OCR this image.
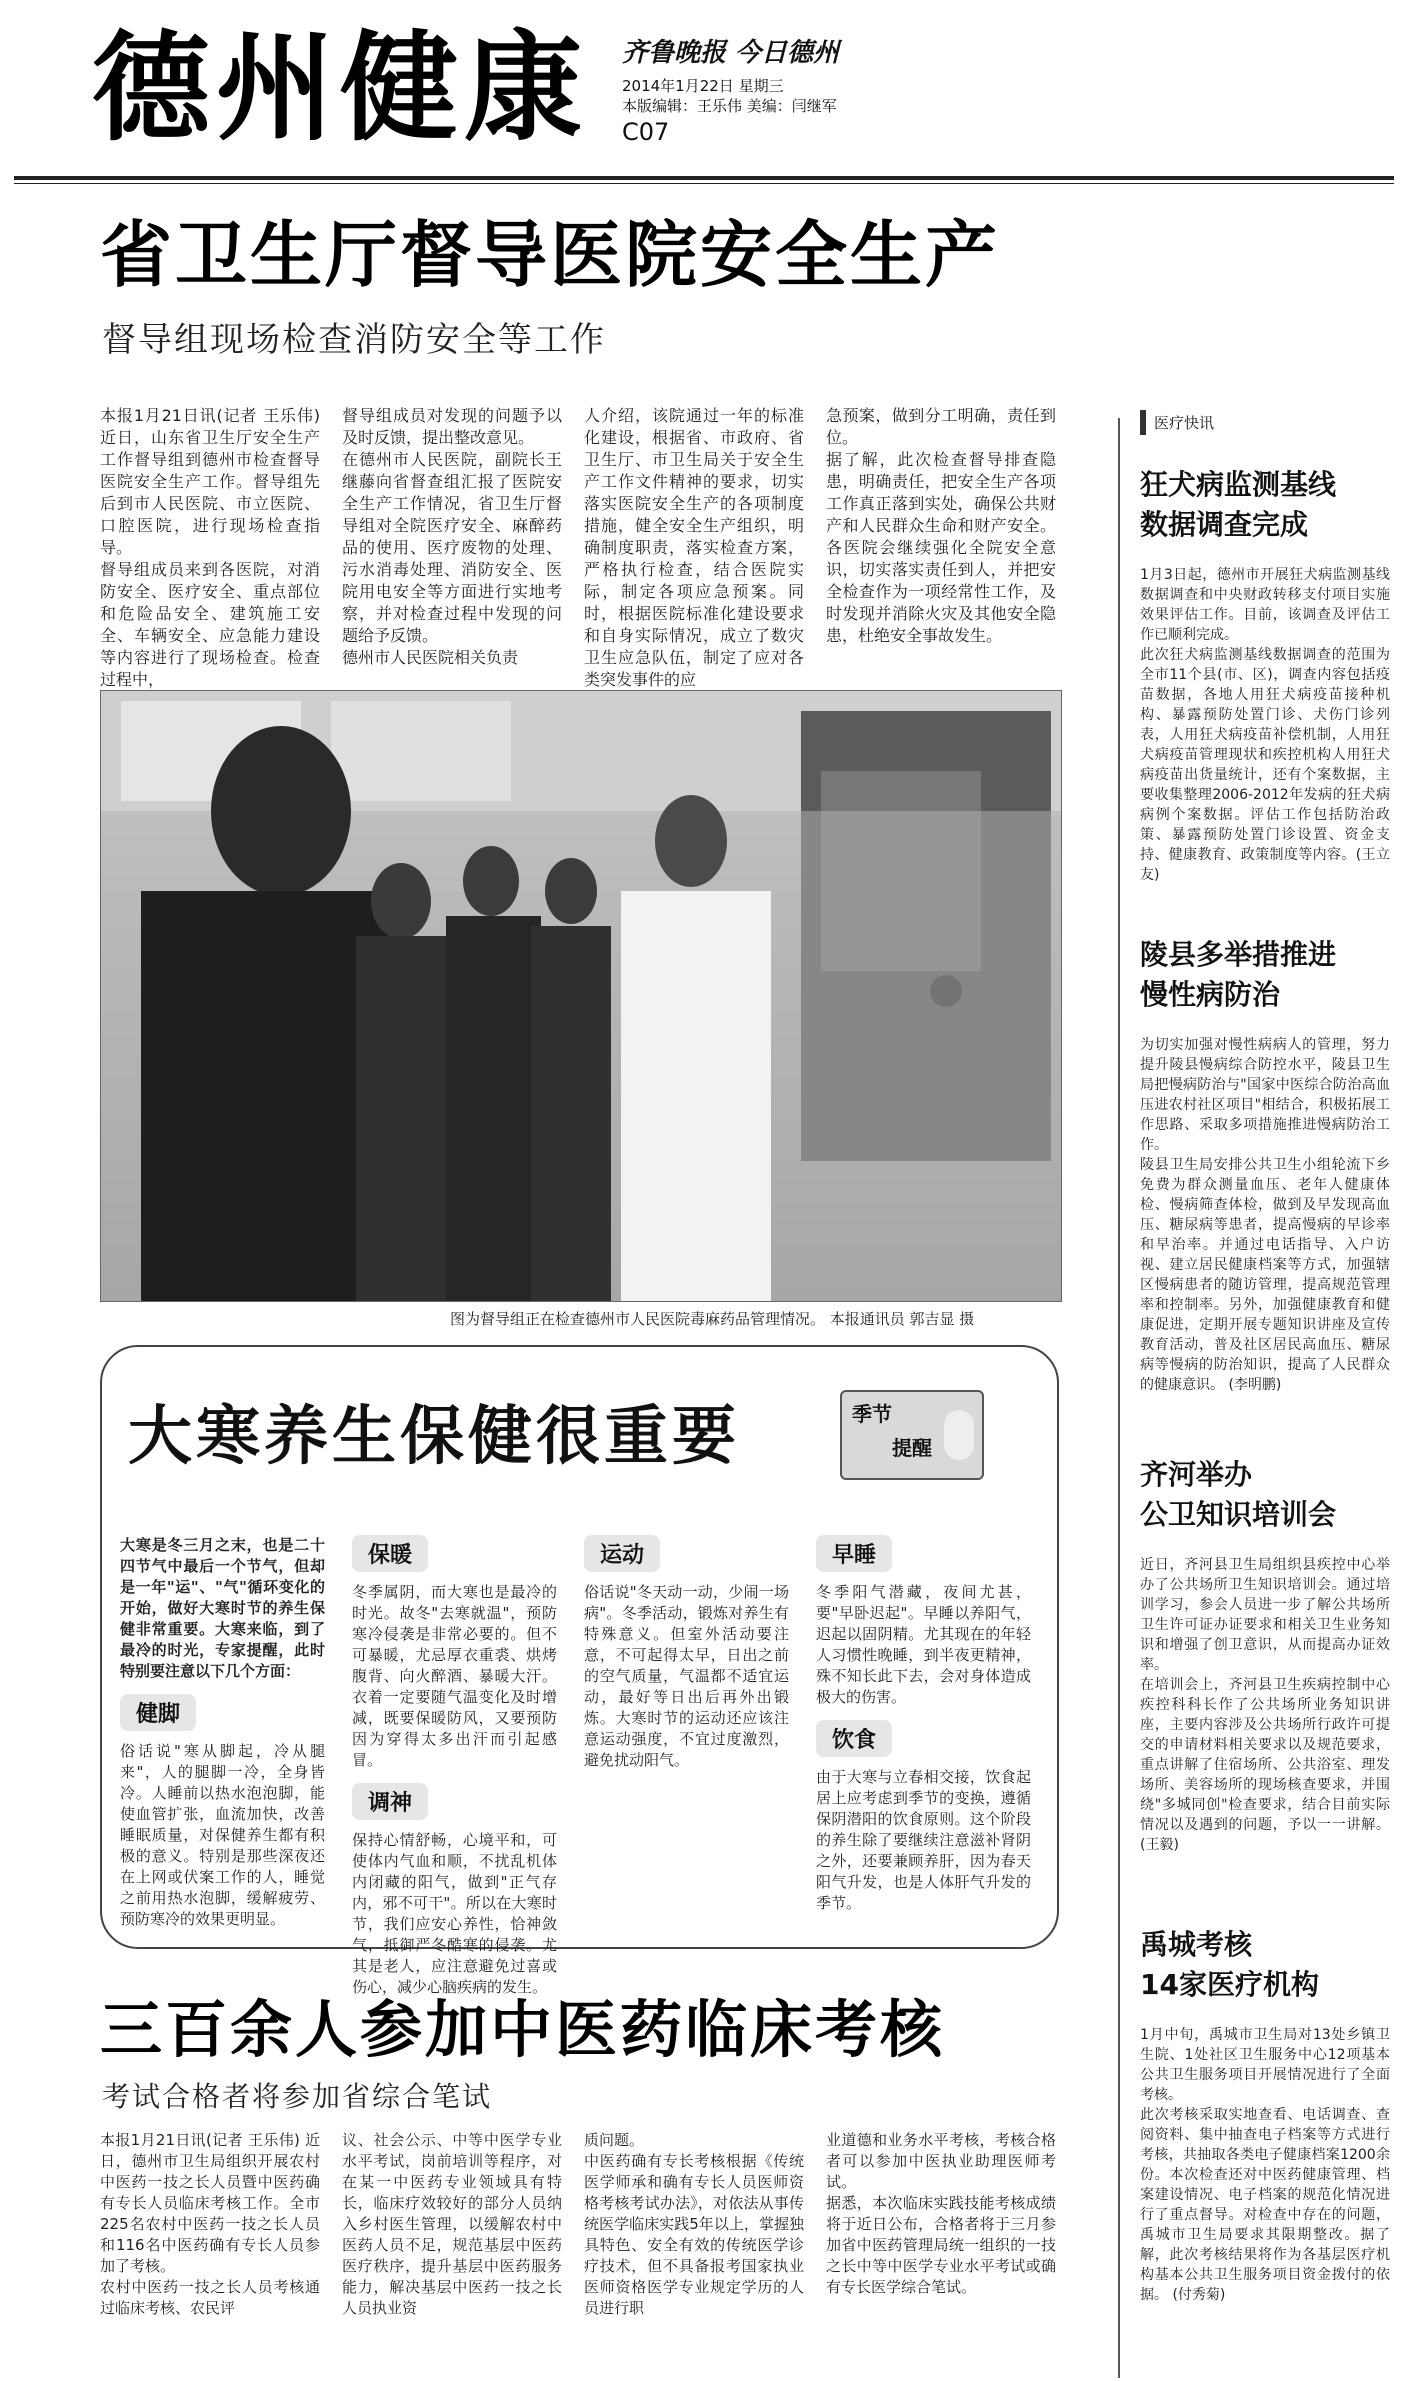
德州健康 齐鲁晚报 今日德州
2014年1月22日 星期三
本版编辑：王乐伟 美编：闫继军
C07
省卫生厅督导医院安全生产
督导组现场检查消防安全等工作
本报1月21日讯(记者 王乐伟) 近日，山东省卫生厅安全生产工作督导组到德州市检查督导医院安全生产工作。督导组先后到市人民医院、市立医院、口腔医院，进行现场检查指导。
督导组成员来到各医院，对消防安全、医疗安全、重点部位和危险品安全、建筑施工安全、车辆安全、应急能力建设等内容进行了现场检查。检查过程中，
督导组成员对发现的问题予以及时反馈，提出整改意见。
在德州市人民医院，副院长王继藤向省督查组汇报了医院安全生产工作情况，省卫生厅督导组对全院医疗安全、麻醉药品的使用、医疗废物的处理、污水消毒处理、消防安全、医院用电安全等方面进行实地考察，并对检查过程中发现的问题给予反馈。
德州市人民医院相关负责
人介绍，该院通过一年的标准化建设，根据省、市政府、省卫生厅、市卫生局关于安全生产工作文件精神的要求，切实落实医院安全生产的各项制度措施，健全安全生产组织，明确制度职责，落实检查方案，严格执行检查，结合医院实际，制定各项应急预案。同时，根据医院标准化建设要求和自身实际情况，成立了数灾卫生应急队伍，制定了应对各类突发事件的应
急预案，做到分工明确，责任到位。
据了解，此次检查督导排查隐患，明确责任，把安全生产各项工作真正落到实处，确保公共财产和人民群众生命和财产安全。各医院会继续强化全院安全意识，切实落实责任到人，并把安全检查作为一项经常性工作，及时发现并消除火灾及其他安全隐患，杜绝安全事故发生。
图为督导组正在检查德州市人民医院毒麻药品管理情况。 本报通讯员 郭吉显 摄
大寒养生保健很重要	季节
提醒
大寒是冬三月之末，也是二十四节气中最后一个节气，但却是一年"运"、"气"循环变化的开始，做好大寒时节的养生保健非常重要。大寒来临，到了最冷的时光，专家提醒，此时特别要注意以下几个方面：
健脚
俗话说"寒从脚起，冷从腿来"，人的腿脚一冷，全身皆冷。人睡前以热水泡泡脚，能使血管扩张，血流加快，改善睡眠质量，对保健养生都有积极的意义。特别是那些深夜还在上网或伏案工作的人，睡觉之前用热水泡脚，缓解疲劳、预防寒冷的效果更明显。
保暖
冬季属阴，而大寒也是最冷的时光。故冬"去寒就温"，预防寒冷侵袭是非常必要的。但不可暴暖，尤忌厚衣重裘、烘烤腹背、向火醉酒、暴暖大汗。衣着一定要随气温变化及时增减，既要保暖防风，又要预防因为穿得太多出汗而引起感冒。
调神
保持心情舒畅，心境平和，可使体内气血和顺，不扰乱机体内闭藏的阳气，做到"正气存内，邪不可干"。所以在大寒时节，我们应安心养性，恰神敛气，抵御严冬酷寒的侵袭。尤其是老人，应注意避免过喜或伤心，减少心脑疾病的发生。
运动
俗话说"冬天动一动，少闹一场病"。冬季活动，锻炼对养生有特殊意义。但室外活动要注意，不可起得太早，日出之前的空气质量，气温都不适宜运动，最好等日出后再外出锻炼。大寒时节的运动还应该注意运动强度，不宜过度激烈，避免扰动阳气。
早睡
冬季阳气潜藏，夜间尤甚，要"早卧迟起"。早睡以养阳气，迟起以固阴精。尤其现在的年轻人习惯性晚睡，到半夜更精神，殊不知长此下去，会对身体造成极大的伤害。
饮食
由于大寒与立春相交接，饮食起居上应考虑到季节的变换，遵循保阴潜阳的饮食原则。这个阶段的养生除了要继续注意滋补肾阴之外，还要兼顾养肝，因为春天阳气升发，也是人体肝气升发的季节。
三百余人参加中医药临床考核
考试合格者将参加省综合笔试
本报1月21日讯(记者 王乐伟) 近日，德州市卫生局组织开展农村中医药一技之长人员暨中医药确有专长人员临床考核工作。全市225名农村中医药一技之长人员和116名中医药确有专长人员参加了考核。
农村中医药一技之长人员考核通过临床考核、农民评
议、社会公示、中等中医学专业水平考试，岗前培训等程序，对在某一中医药专业领域具有特长，临床疗效较好的部分人员纳入乡村医生管理，以缓解农村中医药人员不足，规范基层中医药医疗秩序，提升基层中医药服务能力，解决基层中医药一技之长人员执业资
质问题。
中医药确有专长考核根据《传统医学师承和确有专长人员医师资格考核考试办法》，对依法从事传统医学临床实践5年以上，掌握独具特色、安全有效的传统医学诊疗技术，但不具备报考国家执业医师资格医学专业规定学历的人员进行职
业道德和业务水平考核，考核合格者可以参加中医执业助理医师考试。
据悉，本次临床实践技能考核成绩将于近日公布，合格者将于三月参加省中医药管理局统一组织的一技之长中等中医学专业水平考试或确有专长医学综合笔试。
医疗快讯
狂犬病监测基线
数据调查完成
1月3日起，德州市开展狂犬病监测基线数据调查和中央财政转移支付项目实施效果评估工作。目前，该调查及评估工作已顺利完成。
此次狂犬病监测基线数据调查的范围为全市11个县(市、区)，调查内容包括疫苗数据，各地人用狂犬病疫苗接种机构、暴露预防处置门诊、犬伤门诊列表，人用狂犬病疫苗补偿机制，人用狂犬病疫苗管理现状和疾控机构人用狂犬病疫苗出货量统计，还有个案数据，主要收集整理2006-2012年发病的狂犬病病例个案数据。评估工作包括防治政策、暴露预防处置门诊设置、资金支持、健康教育、政策制度等内容。(王立友)
陵县多举措推进
慢性病防治
为切实加强对慢性病病人的管理，努力提升陵县慢病综合防控水平，陵县卫生局把慢病防治与"国家中医综合防治高血压进农村社区项目"相结合，积极拓展工作思路、采取多项措施推进慢病防治工作。
陵县卫生局安排公共卫生小组轮流下乡免费为群众测量血压、老年人健康体检、慢病筛查体检，做到及早发现高血压、糖尿病等患者，提高慢病的早诊率和早治率。并通过电话指导、入户访视、建立居民健康档案等方式，加强辖区慢病患者的随访管理，提高规范管理率和控制率。另外，加强健康教育和健康促进，定期开展专题知识讲座及宣传教育活动，普及社区居民高血压、糖尿病等慢病的防治知识，提高了人民群众的健康意识。 (李明鹏)
齐河举办
公卫知识培训会
近日，齐河县卫生局组织县疾控中心举办了公共场所卫生知识培训会。通过培训学习，参会人员进一步了解公共场所卫生许可证办证要求和相关卫生业务知识和增强了创卫意识，从而提高办证效率。
在培训会上，齐河县卫生疾病控制中心疾控科科长作了公共场所业务知识讲座，主要内容涉及公共场所行政许可提交的申请材料相关要求以及规范要求，重点讲解了住宿场所、公共浴室、理发场所、美容场所的现场核查要求，并围绕"多城同创"检查要求，结合目前实际情况以及遇到的问题，予以一一讲解。 (王毅)
禹城考核
14家医疗机构
1月中旬，禹城市卫生局对13处乡镇卫生院、1处社区卫生服务中心12项基本公共卫生服务项目开展情况进行了全面考核。
此次考核采取实地查看、电话调查、查阅资料、集中抽查电子档案等方式进行考核，共抽取各类电子健康档案1200余份。本次检查还对中医药健康管理、档案建设情况、电子档案的规范化情况进行了重点督导。对检查中存在的问题，禹城市卫生局要求其限期整改。据了解，此次考核结果将作为各基层医疗机构基本公共卫生服务项目资金拨付的依据。 (付秀菊)
